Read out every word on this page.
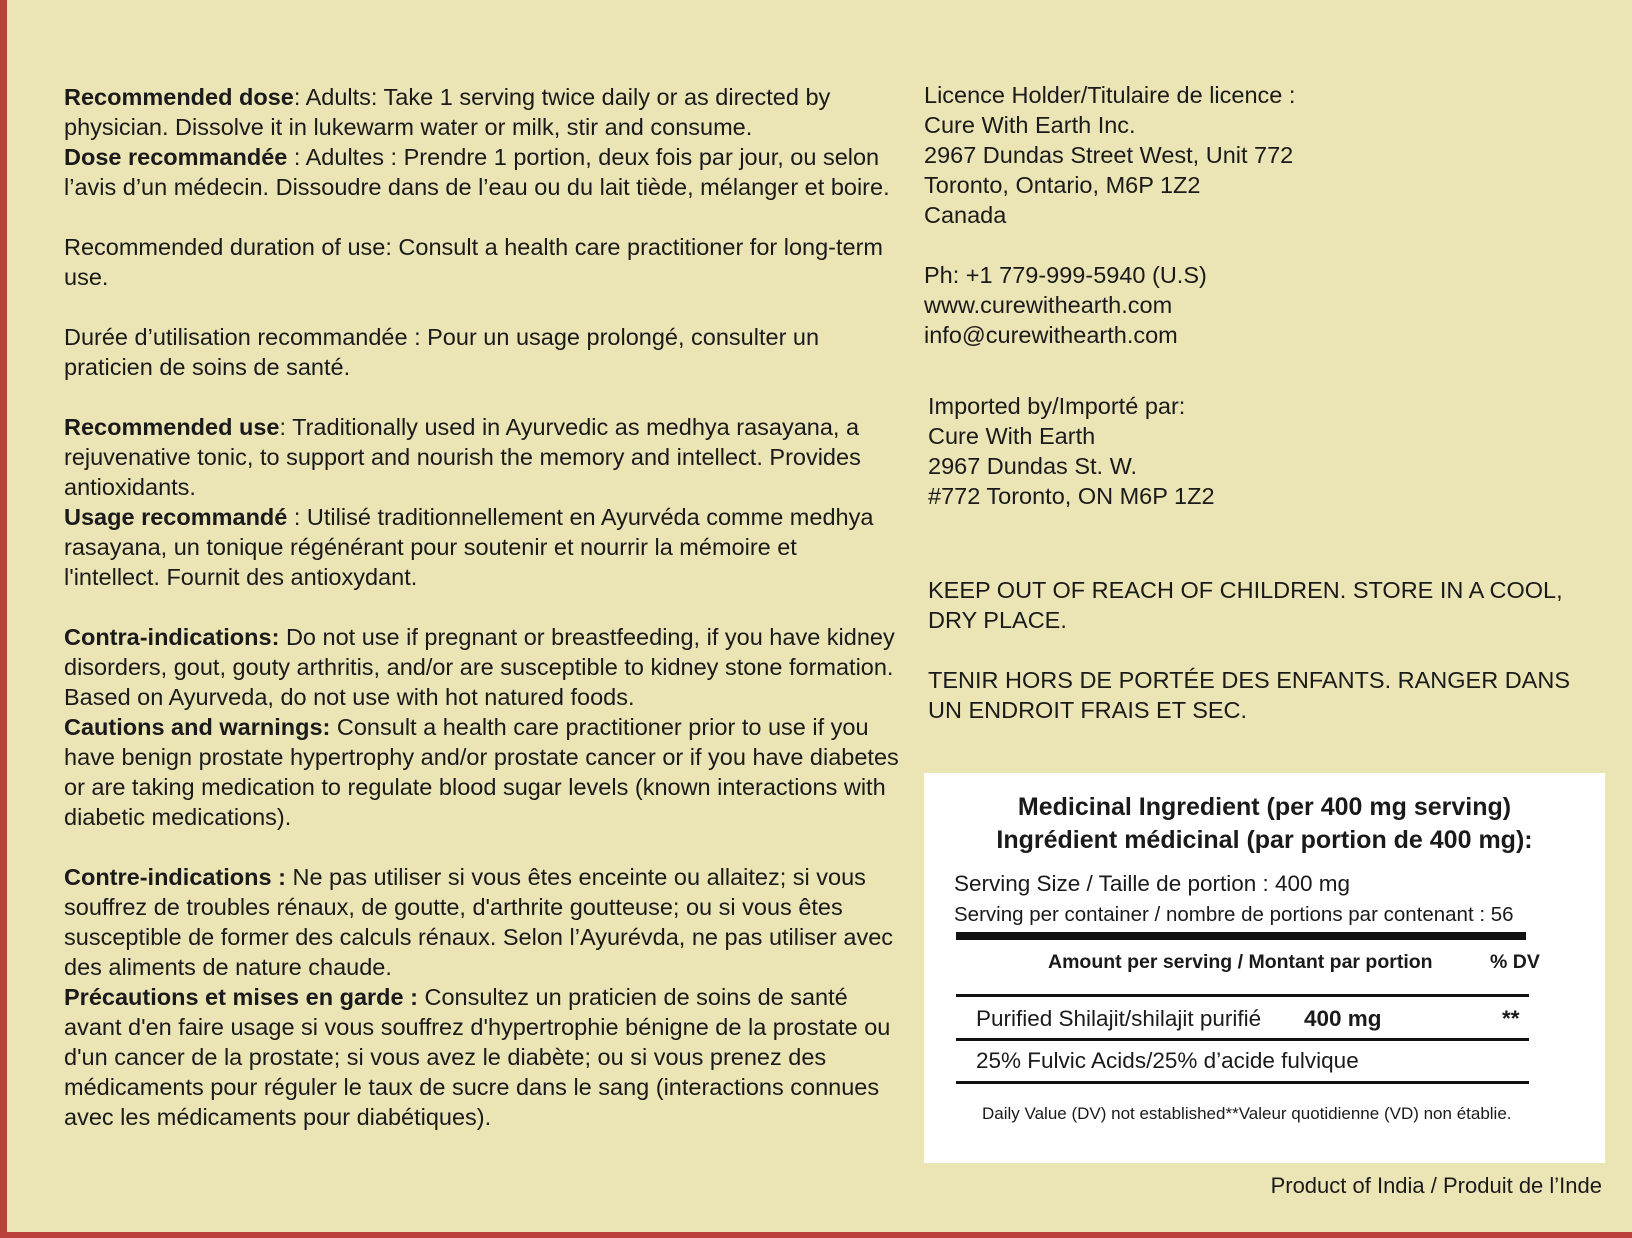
Recommended dose: Adults: Take 1 serving twice daily or as directed by physician. Dissolve it in lukewarm water or milk, stir and consume.

Dose recommandée : Adultes : Prendre 1 portion, deux fois par jour, ou selon l’avis d’un médecin. Dissoudre dans de l’eau ou du lait tiède, mélanger et boire.

Recommended duration of use: Consult a health care practitioner for long-term use.

Durée d’utilisation recommandée : Pour un usage prolongé, consulter un praticien de soins de santé.

Recommended use: Traditionally used in Ayurvedic as medhya rasayana, a rejuvenative tonic, to support and nourish the memory and intellect. Provides antioxidants.

Usage recommandé : Utilisé traditionnellement en Ayurvéda comme medhya rasayana, un tonique régénérant pour soutenir et nourrir la mémoire et l'intellect. Fournit des antioxydant.

Contra-indications: Do not use if pregnant or breastfeeding, if you have kidney disorders, gout, gouty arthritis, and/or are susceptible to kidney stone formation. Based on Ayurveda, do not use with hot natured foods.

Cautions and warnings: Consult a health care practitioner prior to use if you have benign prostate hypertrophy and/or prostate cancer or if you have diabetes or are taking medication to regulate blood sugar levels (known interactions with diabetic medications).

Contre-indications : Ne pas utiliser si vous êtes enceinte ou allaitez; si vous souffrez de troubles rénaux, de goutte, d'arthrite goutteuse; ou si vous êtes susceptible de former des calculs rénaux. Selon l’Ayurévda, ne pas utiliser avec des aliments de nature chaude.

Précautions et mises en garde : Consultez un praticien de soins de santé avant d'en faire usage si vous souffrez d'hypertrophie bénigne de la prostate ou d'un cancer de la prostate; si vous avez le diabète; ou si vous prenez des médicaments pour réguler le taux de sucre dans le sang (interactions connues avec les médicaments pour diabétiques).

Licence Holder/Titulaire de licence :
Cure With Earth Inc.
2967 Dundas Street West, Unit 772
Toronto, Ontario, M6P 1Z2
Canada
Ph: +1 779-999-5940 (U.S)
www.curewithearth.com
info@curewithearth.com
Imported by/Importé par:
Cure With Earth
2967 Dundas St. W.
#772 Toronto, ON M6P 1Z2
KEEP OUT OF REACH OF CHILDREN. STORE IN A COOL,
DRY PLACE.
TENIR HORS DE PORTÉE DES ENFANTS. RANGER DANS
UN ENDROIT FRAIS ET SEC.
Medicinal Ingredient (per 400 mg serving)
Ingrédient médicinal (par portion de 400 mg):
Serving Size / Taille de portion : 400 mg
Serving per container / nombre de portions par contenant : 56
Amount per serving / Montant par portion	% DV
Purified Shilajit/shilajit purifié 400 mg	**
25% Fulvic Acids/25% d’acide fulvique
Daily Value (DV) not established**Valeur quotidienne (VD) non établie.
Product of India / Produit de l’Inde
